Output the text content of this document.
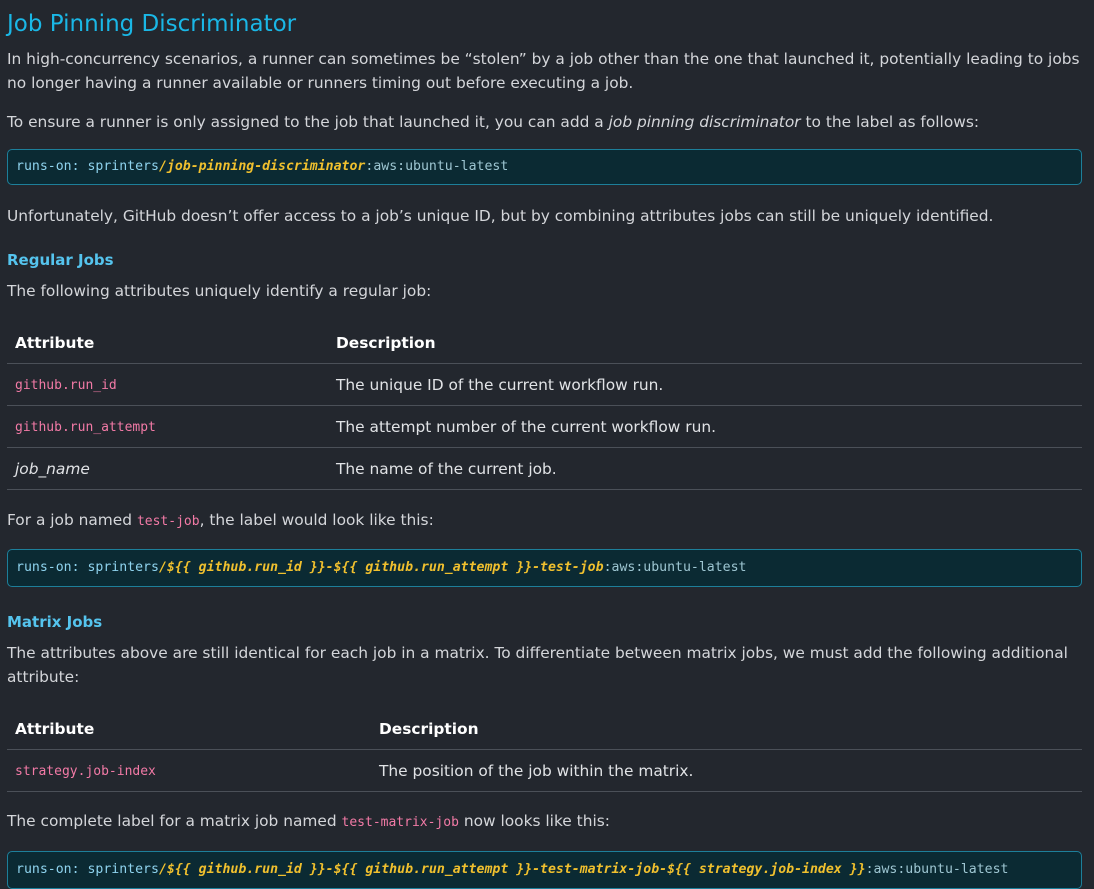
Job Pinning Discriminator

In high-concurrency scenarios, a runner can sometimes be “stolen” by a job other than the one that launched it, potentially leading to jobs no longer having a runner available or runners timing out before executing a job.

To ensure a runner is only assigned to the job that launched it, you can add a job pinning discriminator to the label as follows:

runs-on: sprinters /job-pinning-discriminator :aws:ubuntu-latest

Unfortunately, GitHub doesn’t offer access to a job’s unique ID, but by combining attributes jobs can still be uniquely identified.

Regular Jobs

The following attributes uniquely identify a regular job:

Attribute	Description
github.run_id	The unique ID of the current workflow run.
github.run_attempt	The attempt number of the current workflow run.
job_name	The name of the current job.

For a job named test-job, the label would look like this:

runs-on: sprinters /${{ github.run_id }}-${{ github.run_attempt }}-test-job :aws:ubuntu-latest
Matrix Jobs

The attributes above are still identical for each job in a matrix. To differentiate between matrix jobs, we must add the following additional attribute:

Attribute	Description
strategy.job-index	The position of the job within the matrix.

The complete label for a matrix job named test-matrix-job now looks like this:

runs-on: sprinters /${{ github.run_id }}-${{ github.run_attempt }}-test-matrix-job-${{ strategy.job-index }} :aws:ubuntu-latest
